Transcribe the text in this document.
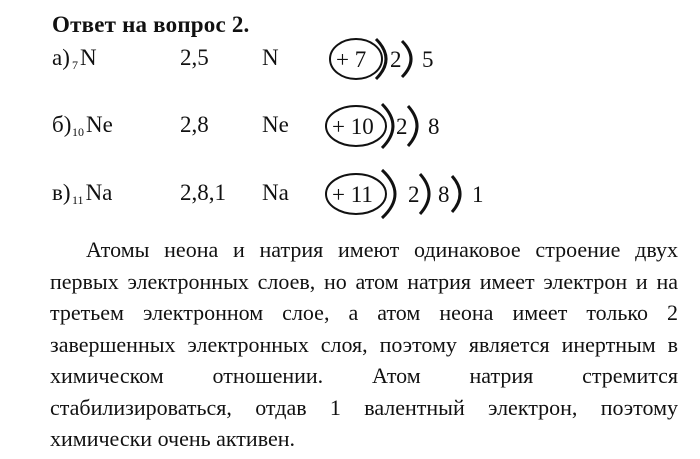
Ответ на вопрос 2.
а) $_7$N	2,5 N + 7 2 5
б) $_{10}$Ne	2,8 Ne + 10 2 8
в) $_{11}$Na	2,8,1 Na + 11 2 8 1

Атомы неона и натрия имеют одинаковое строение двух первых электронных слоев, но атом натрия имеет электрон и на третьем электронном слое, а атом неона имеет только 2 завершенных электронных слоя, поэтому является инертным в химическом отношении. Атом натрия стремится стабилизироваться, отдав 1 валентный электрон, поэтому химически очень активен.
